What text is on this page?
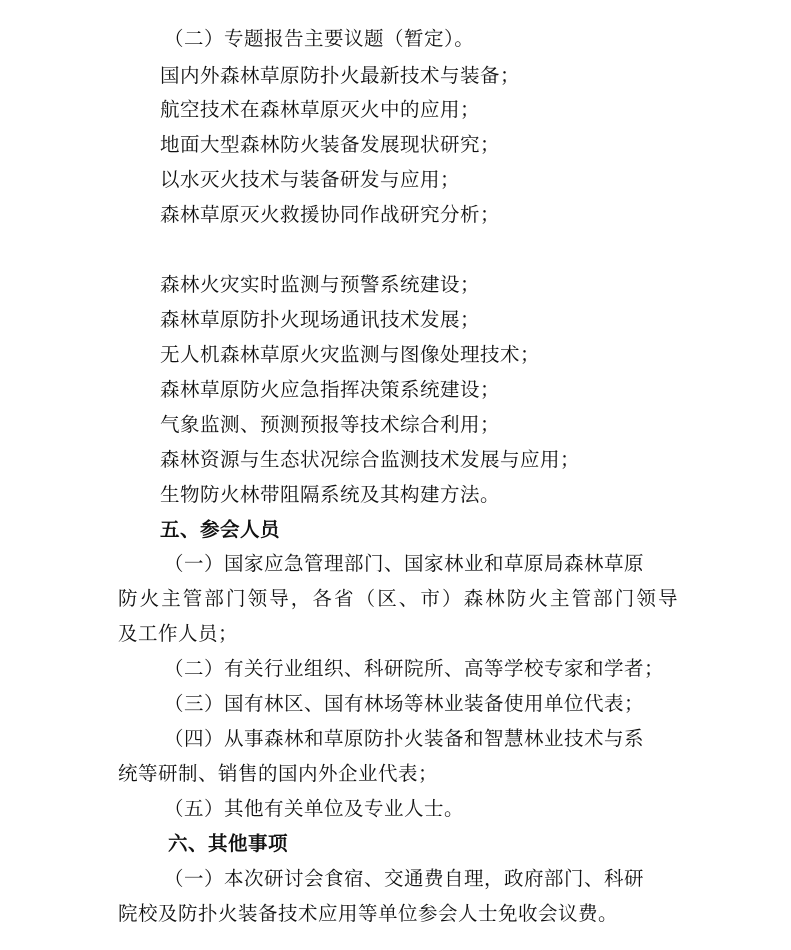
（二）专题报告主要议题（暂定）。
国内外森林草原防扑火最新技术与装备；
航空技术在森林草原灭火中的应用；
地面大型森林防火装备发展现状研究；
以水灭火技术与装备研发与应用；
森林草原灭火救援协同作战研究分析；
森林火灾实时监测与预警系统建设；
森林草原防扑火现场通讯技术发展；
无人机森林草原火灾监测与图像处理技术；
森林草原防火应急指挥决策系统建设；
气象监测、预测预报等技术综合利用；
森林资源与生态状况综合监测技术发展与应用；
生物防火林带阻隔系统及其构建方法。
五、参会人员
（一）国家应急管理部门、国家林业和草原局森林草原
防火主管部门领导，各省（区、市）森林防火主管部门领导
及工作人员；
（二）有关行业组织、科研院所、高等学校专家和学者；
（三）国有林区、国有林场等林业装备使用单位代表；
（四）从事森林和草原防扑火装备和智慧林业技术与系
统等研制、销售的国内外企业代表；
（五）其他有关单位及专业人士。
六、其他事项
（一）本次研讨会食宿、交通费自理，政府部门、科研
院校及防扑火装备技术应用等单位参会人士免收会议费。
